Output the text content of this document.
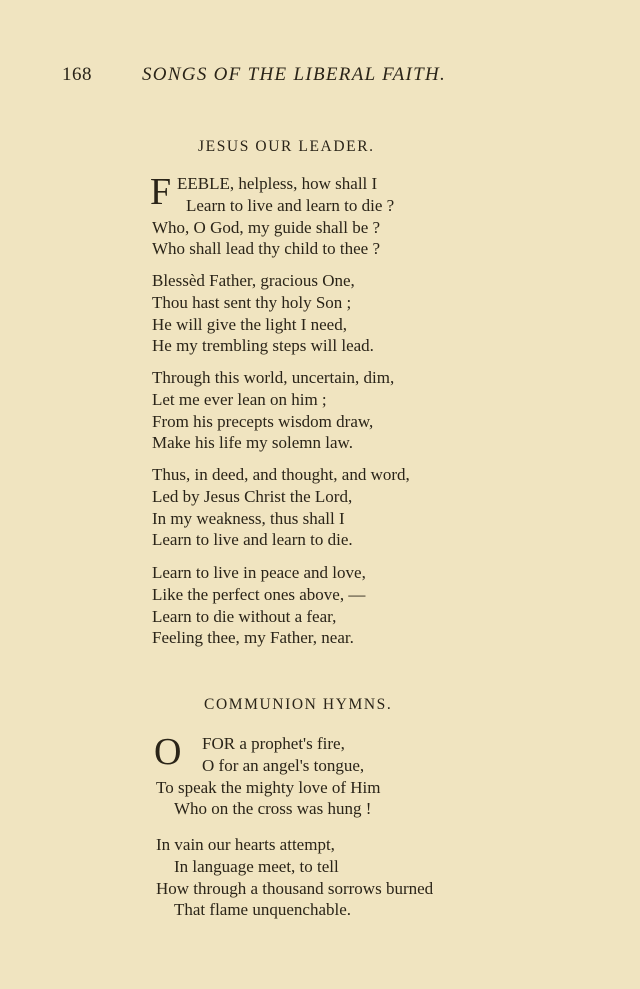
168	SONGS OF THE LIBERAL FAITH.
JESUS OUR LEADER.
F EEBLE, helpless, how shall I
Learn to live and learn to die ?
Who, O God, my guide shall be ?
Who shall lead thy child to thee ?
Blessèd Father, gracious One,
Thou hast sent thy holy Son ;
He will give the light I need,
He my trembling steps will lead.
Through this world, uncertain, dim,
Let me ever lean on him ;
From his precepts wisdom draw,
Make his life my solemn law.
Thus, in deed, and thought, and word,
Led by Jesus Christ the Lord,
In my weakness, thus shall I
Learn to live and learn to die.
Learn to live in peace and love,
Like the perfect ones above, —
Learn to die without a fear,
Feeling thee, my Father, near.
COMMUNION HYMNS.
O	FOR a prophet's fire,
O for an angel's tongue,
To speak the mighty love of Him
Who on the cross was hung !
In vain our hearts attempt,
In language meet, to tell
How through a thousand sorrows burned
That flame unquenchable.
